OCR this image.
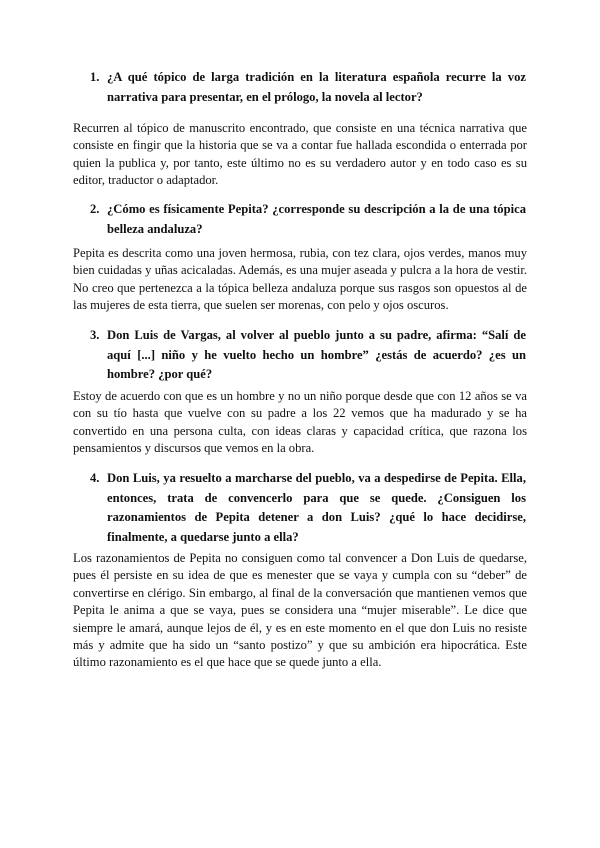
1. ¿A qué tópico de larga tradición en la literatura española recurre la voz narrativa para presentar, en el prólogo, la novela al lector?

Recurren al tópico de manuscrito encontrado, que consiste en una técnica narrativa que consiste en fingir que la historia que se va a contar fue hallada escondida o enterrada por quien la publica y, por tanto, este último no es su verdadero autor y en todo caso es su editor, traductor o adaptador.

2. ¿Cómo es físicamente Pepita? ¿corresponde su descripción a la de una tópica belleza andaluza?

Pepita es descrita como una joven hermosa, rubia, con tez clara, ojos verdes, manos muy bien cuidadas y uñas acicaladas. Además, es una mujer aseada y pulcra a la hora de vestir. No creo que pertenezca a la tópica belleza andaluza porque sus rasgos son opuestos al de las mujeres de esta tierra, que suelen ser morenas, con pelo y ojos oscuros.

3. Don Luis de Vargas, al volver al pueblo junto a su padre, afirma: “Salí de aquí [...] niño y he vuelto hecho un hombre” ¿estás de acuerdo? ¿es un hombre? ¿por qué?

Estoy de acuerdo con que es un hombre y no un niño porque desde que con 12 años se va con su tío hasta que vuelve con su padre a los 22 vemos que ha madurado y se ha convertido en una persona culta, con ideas claras y capacidad crítica, que razona los pensamientos y discursos que vemos en la obra.

4. Don Luis, ya resuelto a marcharse del pueblo, va a despedirse de Pepita. Ella, entonces, trata de convencerlo para que se quede. ¿Consiguen los razonamientos de Pepita detener a don Luis? ¿qué lo hace decidirse, finalmente, a quedarse junto a ella?

Los razonamientos de Pepita no consiguen como tal convencer a Don Luis de quedarse, pues él persiste en su idea de que es menester que se vaya y cumpla con su “deber” de convertirse en clérigo. Sin embargo, al final de la conversación que mantienen vemos que Pepita le anima a que se vaya, pues se considera una “mujer miserable”. Le dice que siempre le amará, aunque lejos de él, y es en este momento en el que don Luis no resiste más y admite que ha sido un “santo postizo” y que su ambición era hipocrática. Este último razonamiento es el que hace que se quede junto a ella.
